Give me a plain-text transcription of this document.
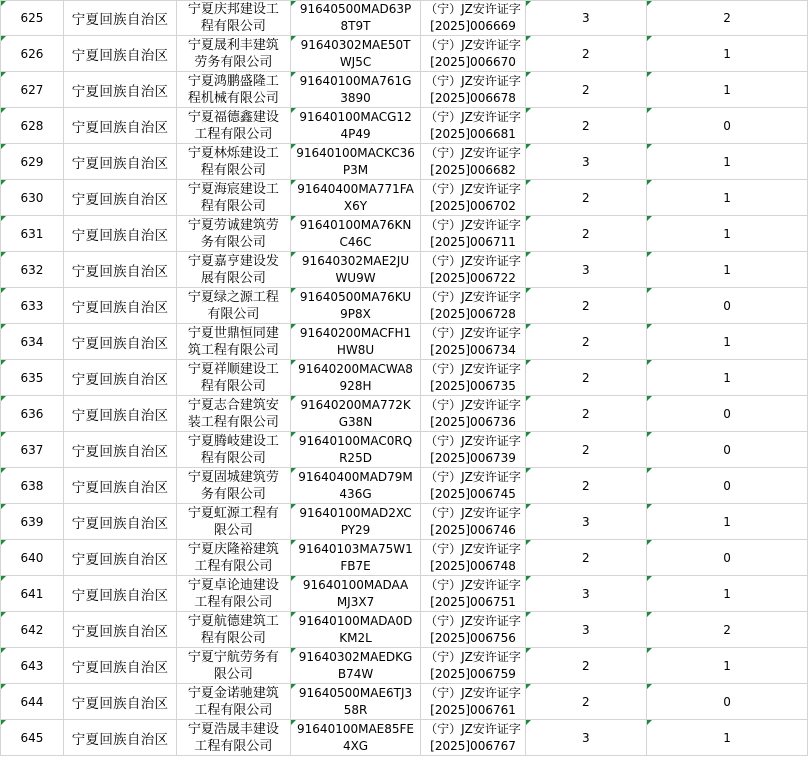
625	宁夏回族自治区	宁夏庆邦建设工
程有限公司	91640500MAD63P
8T9T	（宁）JZ安许证字
[2025]006669	3	2

626	宁夏回族自治区	宁夏晟利丰建筑
劳务有限公司	91640302MAE50T
WJ5C	（宁）JZ安许证字
[2025]006670	2	1

627	宁夏回族自治区	宁夏鸿鹏盛隆工
程机械有限公司	91640100MA761G
3890	（宁）JZ安许证字
[2025]006678	2	1

628	宁夏回族自治区	宁夏福德鑫建设
工程有限公司	91640100MACG12
4P49	（宁）JZ安许证字
[2025]006681	2	0

629	宁夏回族自治区	宁夏林烁建设工
程有限公司	91640100MACKC36
P3M	（宁）JZ安许证字
[2025]006682	3	1

630	宁夏回族自治区	宁夏海宸建设工
程有限公司	91640400MA771FA
X6Y	（宁）JZ安许证字
[2025]006702	2	1

631	宁夏回族自治区	宁夏劳诚建筑劳
务有限公司	91640100MA76KN
C46C	（宁）JZ安许证字
[2025]006711	2	1

632	宁夏回族自治区	宁夏嘉亨建设发
展有限公司	91640302MAE2JU
WU9W	（宁）JZ安许证字
[2025]006722	3	1

633	宁夏回族自治区	宁夏绿之源工程
有限公司	91640500MA76KU
9P8X	（宁）JZ安许证字
[2025]006728	2	0

634	宁夏回族自治区	宁夏世鼎恒同建
筑工程有限公司	91640200MACFH1
HW8U	（宁）JZ安许证字
[2025]006734	2	1

635	宁夏回族自治区	宁夏祥顺建设工
程有限公司	91640200MACWA8
928H	（宁）JZ安许证字
[2025]006735	2	1

636	宁夏回族自治区	宁夏志合建筑安
装工程有限公司	91640200MA772K
G38N	（宁）JZ安许证字
[2025]006736	2	0

637	宁夏回族自治区	宁夏腾岐建设工
程有限公司	91640100MAC0RQ
R25D	（宁）JZ安许证字
[2025]006739	2	0

638	宁夏回族自治区	宁夏固城建筑劳
务有限公司	91640400MAD79M
436G	（宁）JZ安许证字
[2025]006745	2	0

639	宁夏回族自治区	宁夏虹源工程有
限公司	91640100MAD2XC
PY29	（宁）JZ安许证字
[2025]006746	3	1

640	宁夏回族自治区	宁夏庆隆裕建筑
工程有限公司	91640103MA75W1
FB7E	（宁）JZ安许证字
[2025]006748	2	0

641	宁夏回族自治区	宁夏卓论迪建设
工程有限公司	91640100MADAA
MJ3X7	（宁）JZ安许证字
[2025]006751	3	1

642	宁夏回族自治区	宁夏航德建筑工
程有限公司	91640100MADA0D
KM2L	（宁）JZ安许证字
[2025]006756	3	2

643	宁夏回族自治区	宁夏宁航劳务有
限公司	91640302MAEDKG
B74W	（宁）JZ安许证字
[2025]006759	2	1

644	宁夏回族自治区	宁夏金诺驰建筑
工程有限公司	91640500MAE6TJ3
58R	（宁）JZ安许证字
[2025]006761	2	0

645	宁夏回族自治区	宁夏浩晟丰建设
工程有限公司	91640100MAE85FE
4XG	（宁）JZ安许证字
[2025]006767	3	1
